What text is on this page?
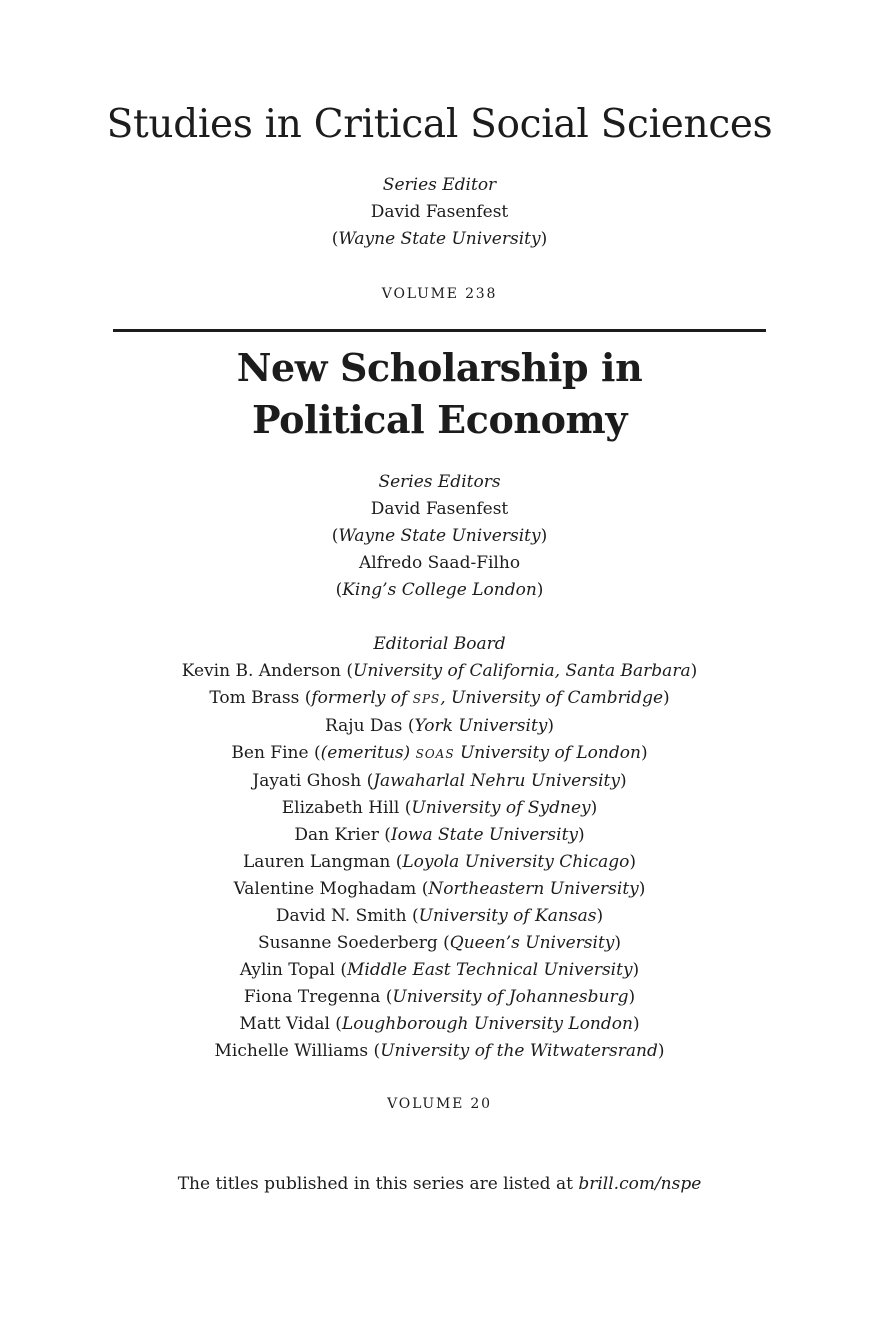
Studies in Critical Social Sciences
Series Editor
David Fasenfest
(Wayne State University)
VOLUME 238
New Scholarship in
Political Economy
Series Editors
David Fasenfest
(Wayne State University)
Alfredo Saad-Filho
(King’s College London)
Editorial Board
Kevin B. Anderson (University of California, Santa Barbara)
Tom Brass (formerly of SPS, University of Cambridge)
Raju Das (York University)
Ben Fine ((emeritus) SOAS University of London)
Jayati Ghosh (Jawaharlal Nehru University)
Elizabeth Hill (University of Sydney)
Dan Krier (Iowa State University)
Lauren Langman (Loyola University Chicago)
Valentine Moghadam (Northeastern University)
David N. Smith (University of Kansas)
Susanne Soederberg (Queen’s University)
Aylin Topal (Middle East Technical University)
Fiona Tregenna (University of Johannesburg)
Matt Vidal (Loughborough University London)
Michelle Williams (University of the Witwatersrand)
VOLUME 20
The titles published in this series are listed at brill.com/nspe
